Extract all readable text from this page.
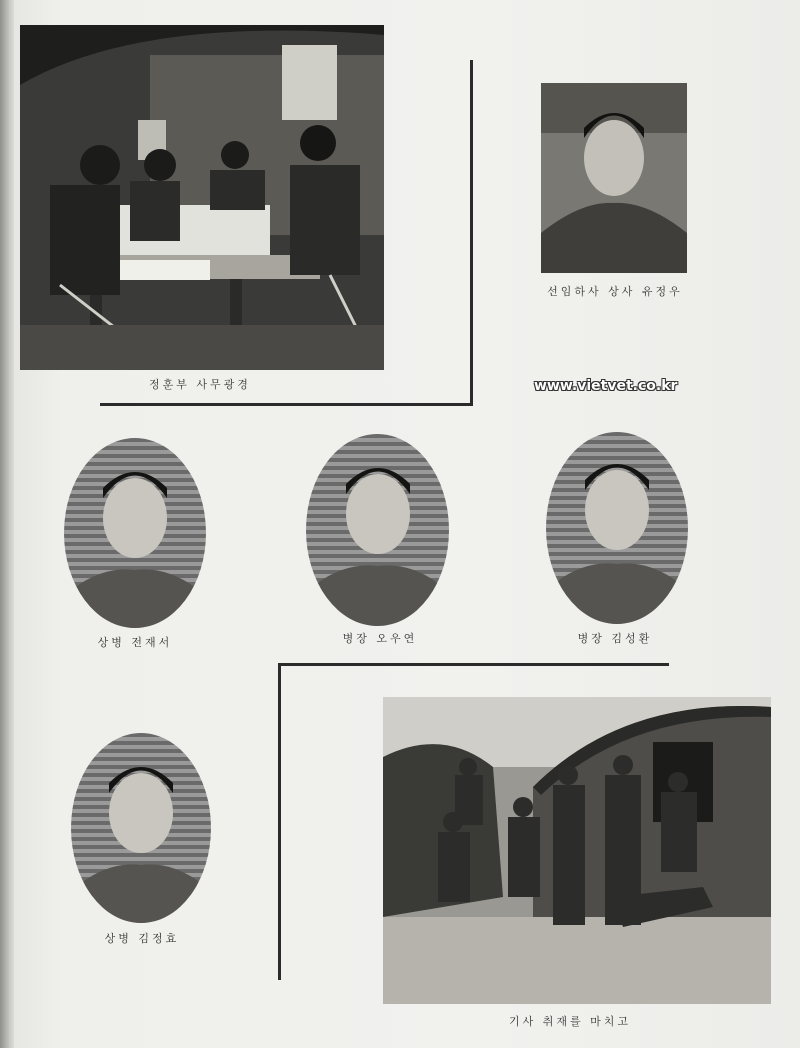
정훈부 사무광경
선임하사 상사 유정우
www.vietvet.co.kr
상병 전재서	병장 오우연	병장 김성환
상병 김정효
기사 취재를 마치고
